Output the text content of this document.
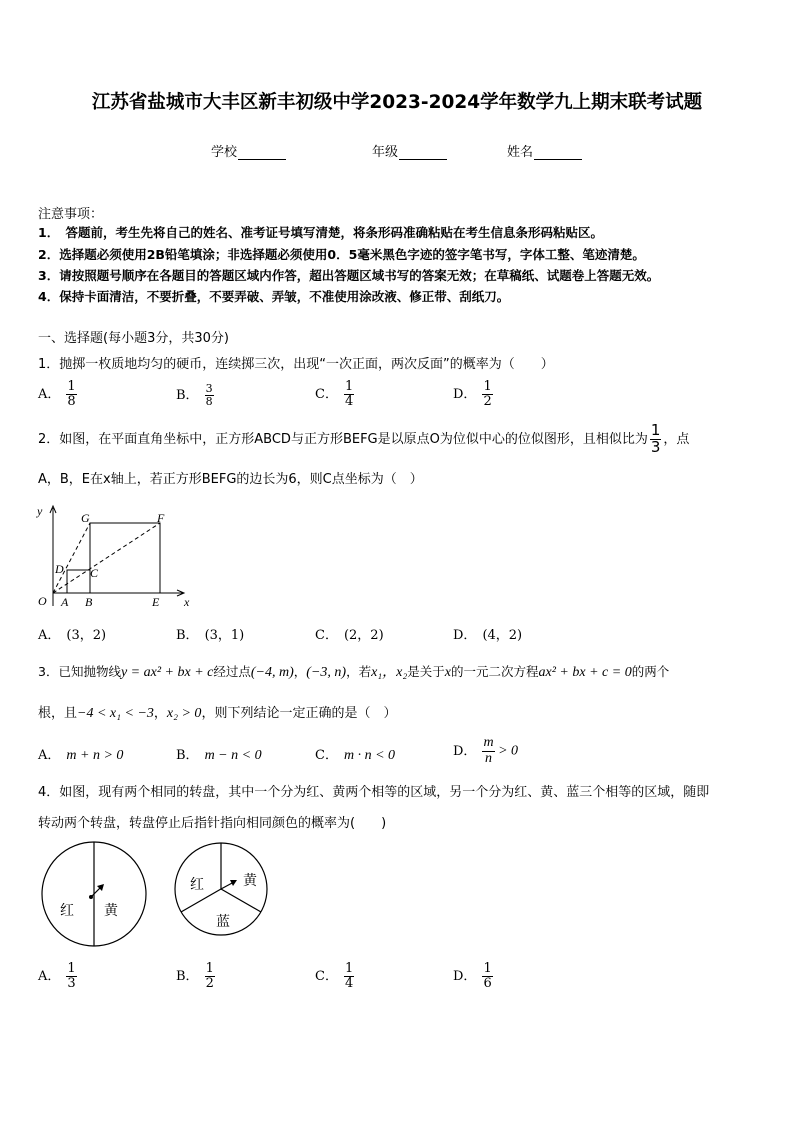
江苏省盐城市大丰区新丰初级中学2023-2024学年数学九上期末联考试题
学校	年级	姓名
注意事项：
1．　答题前，考生先将自己的姓名、准考证号填写清楚，将条形码准确粘贴在考生信息条形码粘贴区。
2．选择题必须使用2B铅笔填涂；非选择题必须使用0．5毫米黑色字迹的签字笔书写，字体工整、笔迹清楚。
3．请按照题号顺序在各题目的答题区域内作答，超出答题区域书写的答案无效；在草稿纸、试题卷上答题无效。
4．保持卡面清洁，不要折叠，不要弄破、弄皱，不准使用涂改液、修正带、刮纸刀。
一、选择题(每小题3分，共30分)
1．抛掷一枚质地均匀的硬币，连续掷三次，出现“一次正面，两次反面”的概率为（　　）
A． $\frac{1}{8}$	B． $\frac{3}{8}$	C． $\frac{1}{4}$	D． $\frac{1}{2}$
2．如图，在平面直角坐标中，正方形ABCD与正方形BEFG是以原点O为位似中心的位似图形，且相似比为 $\frac{1}{3}$ ，点
A，B，E在x轴上，若正方形BEFG的边长为6，则C点坐标为（　）
y
x
O A B	E
G	F
D C
A． (3，2)	B． (3，1)	C． (2，2)	D． (4，2)
3．已知抛物线y = ax² + bx + c经过点(−4, m)，(−3, n)，若x₁，x₂是关于x的一元二次方程ax² + bx + c = 0的两个
根，且−4 < x₁ < −3，x₂ > 0，则下列结论一定正确的是（　）
A． m + n > 0	B． m − n < 0	C． m · n < 0	D． $\frac{m}{n} > 0$
4．如图，现有两个相同的转盘，其中一个分为红、黄两个相等的区域，另一个分为红、黄、蓝三个相等的区域，随即
转动两个转盘，转盘停止后指针指向相同颜色的概率为(　　)
红 黄
红	黄
蓝
A． $\frac{1}{3}$	B． $\frac{1}{2}$	C． $\frac{1}{4}$	D． $\frac{1}{6}$
